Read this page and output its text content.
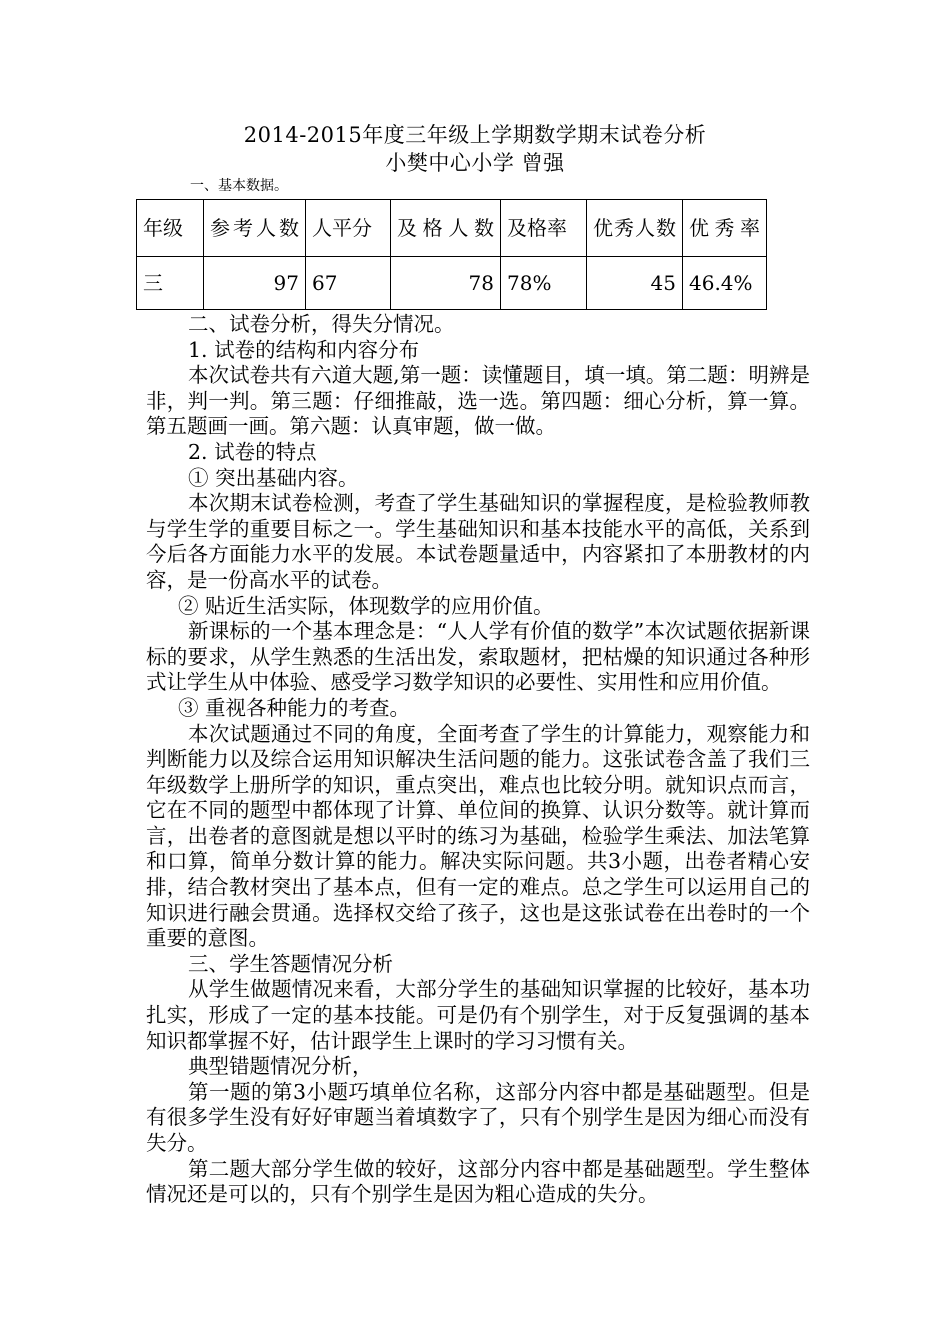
2014-2015年度三年级上学期数学期末试卷分析
小樊中心小学 曾强
一、基本数据。
年级	参考人数	人平分	及格人数	及格率	优秀人数	优秀率
三	97	67	78	78%	45	46.4%

二、试卷分析，得失分情况。

1. 试卷的结构和内容分布

本次试卷共有六道大题,第一题：读懂题目，填一填。第二题：明辨是非，判一判。第三题：仔细推敲，选一选。第四题：细心分析，算一算。第五题画一画。第六题：认真审题，做一做。

2. 试卷的特点

① 突出基础内容。

本次期末试卷检测，考查了学生基础知识的掌握程度，是检验教师教与学生学的重要目标之一。学生基础知识和基本技能水平的高低，关系到今后各方面能力水平的发展。本试卷题量适中，内容紧扣了本册教材的内容，是一份高水平的试卷。

② 贴近生活实际，体现数学的应用价值。

新课标的一个基本理念是：“人人学有价值的数学”本次试题依据新课标的要求，从学生熟悉的生活出发，索取题材，把枯燥的知识通过各种形式让学生从中体验、感受学习数学知识的必要性、实用性和应用价值。

③ 重视各种能力的考查。

本次试题通过不同的角度，全面考查了学生的计算能力，观察能力和判断能力以及综合运用知识解决生活问题的能力。这张试卷含盖了我们三年级数学上册所学的知识，重点突出，难点也比较分明。就知识点而言，它在不同的题型中都体现了计算、单位间的换算、认识分数等。就计算而言，出卷者的意图就是想以平时的练习为基础，检验学生乘法、加法笔算和口算，简单分数计算的能力。解决实际问题。共3小题，出卷者精心安排，结合教材突出了基本点，但有一定的难点。总之学生可以运用自己的知识进行融会贯通。选择权交给了孩子，这也是这张试卷在出卷时的一个重要的意图。

三、学生答题情况分析

从学生做题情况来看，大部分学生的基础知识掌握的比较好，基本功扎实，形成了一定的基本技能。可是仍有个别学生，对于反复强调的基本知识都掌握不好，估计跟学生上课时的学习习惯有关。

典型错题情况分析，

第一题的第3小题巧填单位名称，这部分内容中都是基础题型。但是有很多学生没有好好审题当着填数字了，只有个别学生是因为细心而没有失分。

第二题大部分学生做的较好，这部分内容中都是基础题型。学生整体情况还是可以的，只有个别学生是因为粗心造成的失分。
